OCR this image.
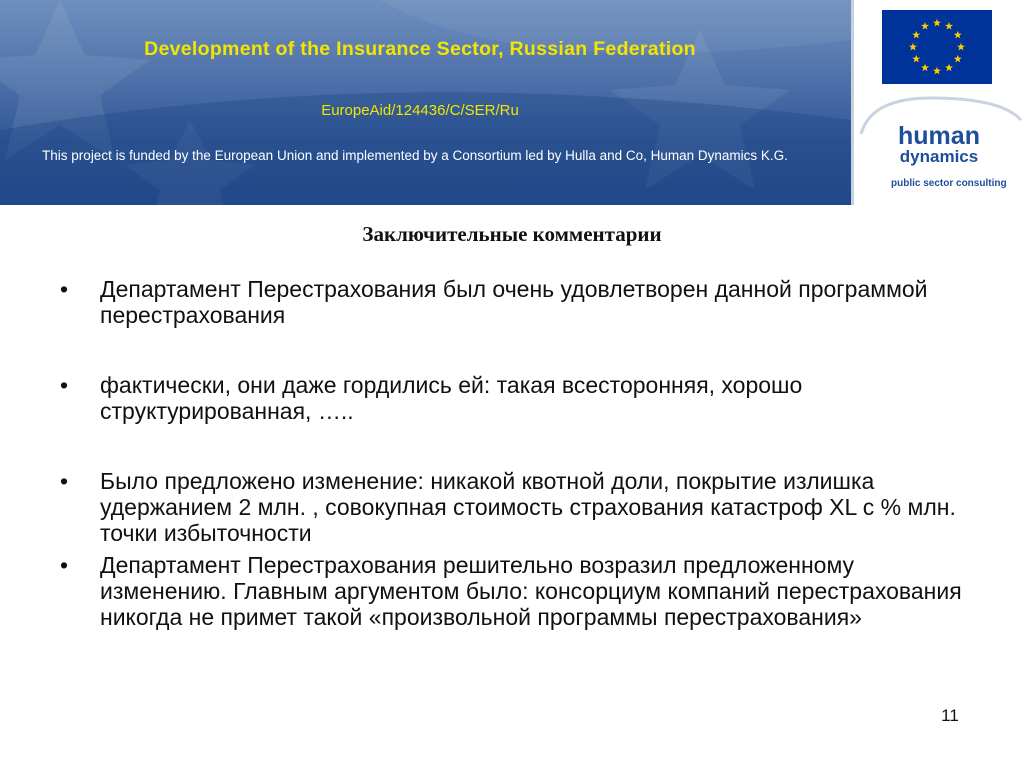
Development of the Insurance Sector, Russian Federation
EuropeAid/124436/C/SER/Ru
This project is funded by the European Union and implemented by a Consortium led by Hulla and Co, Human Dynamics K.G.
human
dynamics
public sector consulting
Заключительные комментарии
•	Департамент Перестрахования был очень удовлетворен данной программой перестрахования
•	фактически, они даже гордились ей: такая всесторонняя, хорошо структурированная, …..
•	Было предложено изменение: никакой квотной доли, покрытие излишка удержанием 2 млн. , совокупная стоимость страхования катастроф XL с % млн. точки избыточности
•	Департамент Перестрахования решительно возразил предложенному изменению. Главным аргументом было: консорциум компаний перестрахования никогда не примет такой «произвольной программы перестрахования»
11
